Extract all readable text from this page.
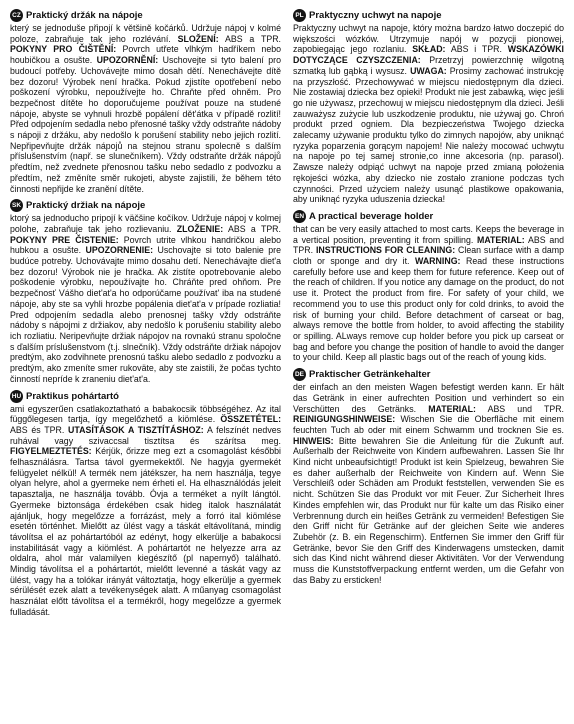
CZ Praktický držák na nápoje
který se jednoduše připojí k většině kočárků. Udržuje nápoj v kolmé poloze, zabraňuje tak jeho rozlévání. SLOŽENÍ: ABS a TPR. POKYNY PRO ČIŠTĚNÍ: Povrch utřete vlhkým hadříkem nebo houbičkou a osušte. UPOZORNĚNÍ: Uschovejte si tyto balení pro budoucí potřeby. Uchovávejte mimo dosah dětí. Nenechávejte dítě bez dozoru! Výrobek není hračka. Pokud zjistíte opotřebení nebo poškození výrobku, nepoužívejte ho. Chraňte před ohněm. Pro bezpečnost dítěte ho doporučujeme používat pouze na studené nápoje, abyste se vyhnuli hrozbě popálení dět'átka v případě rozlití! Před odpojením sedadla nebo přenosné tašky vždy odstraňte nádoby s nápoji z držáku, aby nedošlo k porušení stability nebo jejich rozlití. Nepřipevňujte držák nápojů na stejnou stranu spolecně s dalším příslušenstvím (např. se slunečníkem). Vždy odstraňte držák nápojů předtím, než zvednete přenosnou tašku nebo sedadlo z podvozku a předtím, než změníte směr rukojeti, abyste zajistili, že během této činnosti nepřijde ke zranění dítěte.
SK Praktický držiak na nápoje
ktorý sa jednoducho pripojí k väčšine kočíkov. Udržuje nápoj v kolmej polohe, zabraňuje tak jeho rozlievaniu. ZLOŽENIE: ABS a TPR. POKYNY PRE ČISTENIE: Povrch utrite vlhkou handričkou alebo hubkou a osušte. UPOZORNENIE: Uschovajte si toto balenie pre budúce potreby. Uchovávajte mimo dosahu detí. Nenechávajte diet'a bez dozoru! Výrobok nie je hračka. Ak zistíte opotrebovanie alebo poškodenie výrobku, nepoužívajte ho. Chráňte pred ohňom. Pre bezpečnosť Vášho diet'at'a ho odporúčame používat' iba na studené nápoje, aby ste sa vyhli hrozbe popálenia diet'at'a v prípade rozliatia! Pred odpojením sedadla alebo prenosnej tašky vždy odstráňte nádoby s nápojmi z držiakov, aby nedošlo k porušeniu stability alebo ich rozliatiu. Neripevňujte držiak nápojov na rovnakú stranu spoločne s ďalším príslušenstvom (t.j. slnečník). Vždy odstráňte držiak nápojov predtým, ako zodvihnete prenosnú tašku alebo sedadlo z podvozku a predtým, ako zmeníte smer rukoväte, aby ste zaistili, že počas tychto činností nepríde k zraneniu diet'at'a.
HU Praktikus pohártartó
ami egyszerűen csatlakoztatható a babakocsik többségéhez. Az ital függőlegesen tartja, így megelőzhető a kiömlése. ÖSSZETÉTEL: ABS és TPR. UTASÍTÁSOK A TISZTÍTÁSHOZ: A felszínét nedves ruhával vagy szivaccsal tisztítsa és szárítsa meg. FIGYELMEZTETÉS: Kérjük, őrizze meg ezt a csomagolást későbbi felhasználásra. Tartsa távol gyermekektől. Ne hagyja gyermekét felügyelet nélkül! A termék nem játékszer, ha nem használja, tegye olyan helyre, ahol a gyermeke nem érheti el. Ha elhasználódás jeleit tapasztalja, ne használja tovább. Óvja a terméket a nyílt lángtól. Gyermeke biztonsága érdekében csak hideg italok használatát ajánljuk, hogy megelőzze a forrázást, mely a forró ital kiömlése esetén történhet. Mielőtt az ülést vagy a táskát eltávolítaná, mindig távolítsa el az pohártartóból az edényt, hogy elkerülje a babakocsi instabilitását vagy a kiömlést. A pohártartót ne helyezze arra az oldalra, ahol már valamilyen kiegészítő (pl napernyő) található. Mindig távolítsa el a pohártartót, mielőtt levenné a táskát vagy az ülést, vagy ha a tolókar irányát változtatja, hogy elkerülje a gyermek sérülését ezek alatt a tevékenységek alatt. A műanyag csomagolást használat előtt távolítsa el a termékről, hogy megelőzze a gyermek fulladását.
PL Praktyczny uchwyt na napoje
Praktyczny uchwyt na napoje, który można bardzo łatwo doczepić do większości wózków. Utrzymuje napój w pozycji pionowej, zapobiegając jego rozlaniu. SKŁAD: ABS i TPR. WSKAZÓWKI DOTYCZĄCE CZYSZCZENIA: Przetrzyj powierzchnię wilgotną szmatką lub gąbką i wysusz. UWAGA: Prosimy zachować instrukcję na przyszłość. Przechowywać w miejscu niedostępnym dla dzieci. Nie zostawiaj dziecka bez opieki! Produkt nie jest zabawką, więc jeśli go nie używasz, przechowuj w miejscu niedostępnym dla dzieci. Jeśli zauważysz zużycie lub uszkodzenie produktu, nie używaj go. Chroń produkt przed ogniem. Dla bezpieczeństwa Twojego dziecka zalecamy używanie produktu tylko do zimnych napojów, aby uniknąć ryzyka poparzenia gorącym napojem! Nie należy mocować uchwytu na napoje po tej samej stronie,co inne akcesoria (np. parasol). Zawsze należy odpiąć uchwyt na napoje przed zmianą położenia rękojeści wózka, aby dziecko nie zostało zranione podczas tych czynności. Przed użyciem należy usunąć plastikowe opakowania, aby uniknąć ryzyka uduszenia dziecka!
EN A practical beverage holder
that can be very easily attached to most carts. Keeps the beverage in a vertical position, preventing it from spilling. MATERIAL: ABS and TPR. INSTRUCTIONS FOR CLEANING: Clean surface with a damp cloth or sponge and dry it. WARNING: Read these instructions carefully before use and keep them for future reference. Keep out of the reach of children. If you notice any damage on the product, do not use it. Protect the product from fire. For safety of your child, we recommend you to use this product only for cold drinks, to avoid the risk of burning your child. Before detachment of carseat or bag, always remove the bottle from holder, to avoid affecting the stability or spilling. ALways remove cup holder before you pick up carseat or bag and before you change the position of handle to avoid the danger to your child. Keep all plastic bags out of the reach of young kids.
DE Praktischer Getränkehalter
der einfach an den meisten Wagen befestigt werden kann. Er hält das Getränk in einer aufrechten Position und verhindert so ein Verschütten des Getränks. MATERIAL: ABS und TPR. REINIGUNGSHINWEISE: Wischen Sie die Oberfläche mit einem feuchten Tuch ab oder mit einem Schwamm und trocknen Sie es. HINWEIS: Bitte bewahren Sie die Anleitung für die Zukunft auf. Außerhalb der Reichweite von Kindern aufbewahren. Lassen Sie Ihr Kind nicht unbeaufsichtigt! Produkt ist kein Spielzeug, bewahren Sie es daher außerhalb der Reichweite von Kindern auf. Wenn Sie Verschleiß oder Schäden am Produkt feststellen, verwenden Sie es nicht. Schützen Sie das Produkt vor mit Feuer. Zur Sicherheit Ihres Kindes empfehlen wir, das Produkt nur für kalte um das Risiko einer Verbrennung durch ein heißes Getränk zu vermeiden! Befestigen Sie den Griff nicht für Getränke auf der gleichen Seite wie anderes Zubehör (z. B. ein Regenschirm). Entfernen Sie immer den Griff für Getränke, bevor Sie den Griff des Kinderwagens umstecken, damit sich das Kind nicht während dieser Aktivitäten. Vor der Verwendung muss die Kunststoffverpackung entfernt werden, um die Gefahr von das Baby zu ersticken!
